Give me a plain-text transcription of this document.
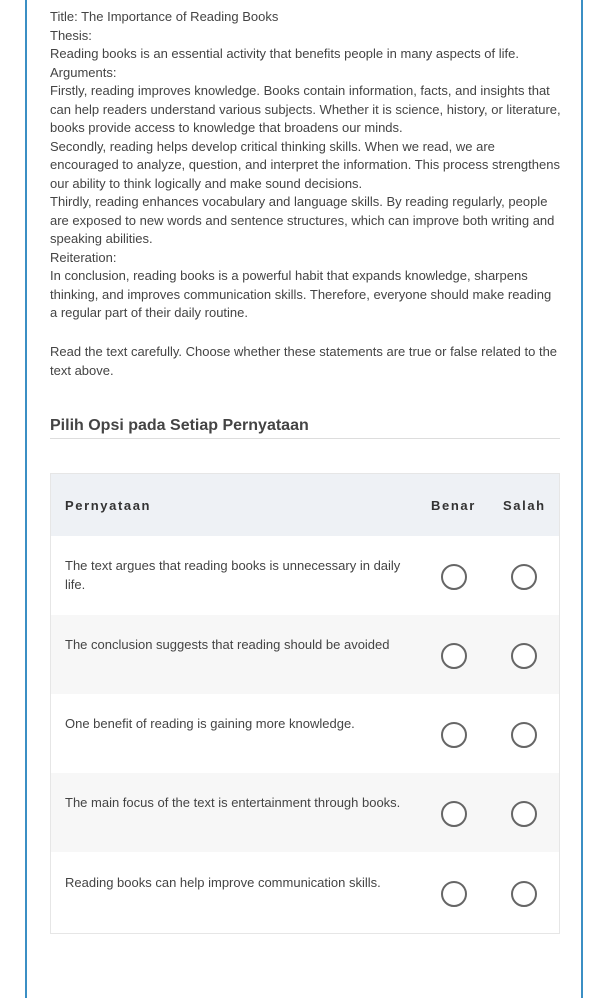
Title: The Importance of Reading Books

Thesis:

Reading books is an essential activity that benefits people in many aspects of life.

Arguments:

Firstly, reading improves knowledge. Books contain information, facts, and insights that can help readers understand various subjects. Whether it is science, history, or literature, books provide access to knowledge that broadens our minds.

Secondly, reading helps develop critical thinking skills. When we read, we are encouraged to analyze, question, and interpret the information. This process strengthens our ability to think logically and make sound decisions.

Thirdly, reading enhances vocabulary and language skills. By reading regularly, people are exposed to new words and sentence structures, which can improve both writing and speaking abilities.

Reiteration:

In conclusion, reading books is a powerful habit that expands knowledge, sharpens thinking, and improves communication skills. Therefore, everyone should make reading a regular part of their daily routine.

Read the text carefully. Choose whether these statements are true or false related to the text above.

Pilih Opsi pada Setiap Pernyataan
Pernyataan	Benar Salah
The text argues that reading books is unnecessary in daily life.
The conclusion suggests that reading should be avoided
One benefit of reading is gaining more knowledge.
The main focus of the text is entertainment through books.
Reading books can help improve communication skills.
